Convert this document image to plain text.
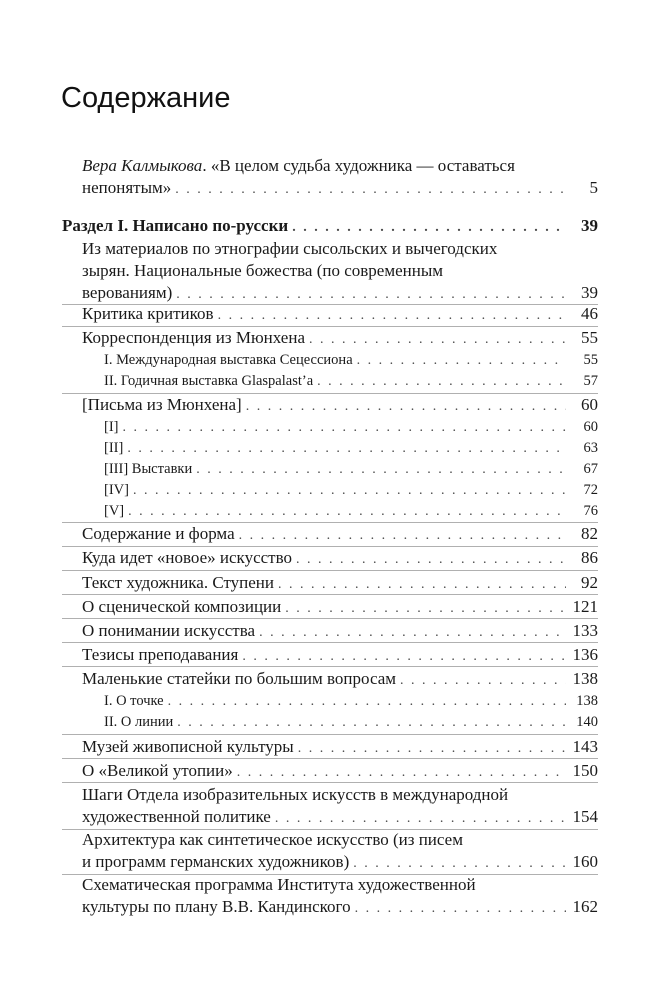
Содержание
Вера Калмыкова. «В целом судьба художника — оставаться
непонятым» . . .	5
Раздел I. Написано по-русски . . .	39
Из материалов по этнографии сысольских и вычегодских
зырян. Национальные божества (по современным
верованиям) . . .	39
Критика критиков . . .	46
Корреспонденция из Мюнхена . . .	55
I. Международная выставка Сецессиона . . .	55
II. Годичная выставка Glaspalast’а . . .	57
[Письма из Мюнхена] . . .	60
[I] . . .	60
[II] . . .	63
[III] Выставки . . .	67
[IV] . . .	72
[V] . . .	76
Содержание и форма . . .	82
Куда идет «новое» искусство . . .	86
Текст художника. Ступени . . .	92
О сценической композиции . . .	121
О понимании искусства . . .	133
Тезисы преподавания . . .	136
Маленькие статейки по большим вопросам . . .	138
I. О точке . . .	138
II. О линии . . .	140
Музей живописной культуры . . .	143
О «Великой утопии» . . .	150
Шаги Отдела изобразительных искусств в международной
художественной политике . . .	154
Архитектура как синтетическое искусство (из писем
и программ германских художников) . . .	160
Схематическая программа Института художественной
культуры по плану В.В. Кандинского . . .	162
